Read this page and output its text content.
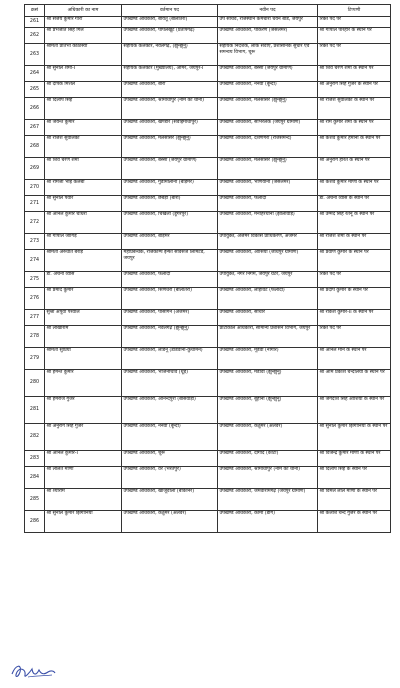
क्रसं	अधिकारी का नाम	वर्तमान पद	नवीन पद	टिप्पणी
261	श्री संजय कुमार गोरा	उपखण्ड अधिकारी, बायतू (बालोतरा)	उप सचिव, राजस्थान कर्मचारी चयन बोर्ड, जयपुर	रिक्त पद पर
262	श्री प्रभजोत सिंह गिल	उपखण्ड अधिकारी, पीपलखूंट (प्रतापगढ़)	उपखण्ड अधिकारी, पोकरण (जैसलमेर)	श्री गोपाल परिहार के स्थान पर
263	श्रीमती प्रतिभा कोठास्या	सहायक कलक्टर, नवलगढ़, (झुन्झुनू)	सहायक निदेशक, लोक सेवाएं, प्रशासनिक सुधार एवं समन्वय विभाग, चूरू	रिक्त पद पर
264	श्री सुनील शर्मा-I	सहायक कलक्टर (मुख्यालय), आमेर, जयपुर-I	उपखण्ड अधिकारी, बस्सी (जयपुर ग्रामीण)	श्री शिव चरण शर्मा के स्थान पर
265	श्री दीपक मित्तल	उपखण्ड अधिकारी, बारां	उपखण्ड अधिकारी, नैनवा (बून्दी)	श्री अनुराग सिंह गुर्जर के स्थान पर
266	श्री दिलीप सिंह	उपखण्ड अधिकारी, श्रीमाधोपुर (नीम का थाना)	उपखण्ड अधिकारी, मलसीसर (झुन्झुनू)	श्री राजेश सुवालका के स्थान पर
267	श्री जयन्त कुमार	उपखण्ड अधिकारी, खण्डार (सवाईमाधोपुर)	उपखण्ड अधिकारी, सांभरलेक (जयपुर ग्रामीण)	श्री राम कुमार शर्मा के स्थान पर
268	श्री राजेश सुवालका	उपखण्ड अधिकारी, मलसीसर (झुन्झुनू)	उपखण्ड अधिकारी, देशणगरा (राजसमन्द)	श्री केशव कुमार हेमानी के स्थान पर
269	श्री शिव चरण शर्मा	उपखण्ड अधिकारी, बस्सी (जयपुर ग्रामीण)	उपखण्ड अधिकारी, मलसीसर (झुन्झुनू)	श्री अनुराग हरित के स्थान पर
270	श्री रामजी भाई कलबी	उपखण्ड अधिकारी, गुडामालानी (बाड़मेर)	उपखण्ड अधिकारी, भणियाना (जैसलमेर)	श्री केशव कुमार मीणा के स्थान पर
271	श्री सुनील पंवार	उपखण्ड अधिकारी, छबड़ा (बारां)	उपखण्ड अधिकारी, फलौदी	डॉ. अर्चना व्यास के स्थान पर
272	श्री अनिल कुमार चौधरी	उपखण्ड अधिकारी, चिखली (डूंगरपुर)	उपखण्ड अधिकारी, मनोहरथाना (झालावाड़)	श्री उम्मेद सिंह रतनू के स्थान पर
273	श्री गोपाल जांगिड़	उपखण्ड अधिकारी, बाड़मेर	उपायुक्त, अजमेर विकास प्राधिकरण, अजमेर	श्री राजेश शर्मा के स्थान पर
274	श्रीमती अरुंधति बराड़	महाप्रबन्धक, राजकॉम्प इन्फो सर्विसेज लिमिटेड, जयपुर	उपखण्ड अधिकारी, ओसियां (जोधपुर ग्रामीण)	श्री प्रवीण कुमार के स्थान पर
275	डॉ. अर्चना व्यास	उपखण्ड अधिकारी, फलौदी	उपायुक्त, नगर निगम, जयपुर ग्रेटर, जयपुर	रिक्त पद पर
276	श्री प्रमोद कुमार	उपखण्ड अधिकारी, सिणधरी (बालोतरा)	उपखण्ड अधिकारी, लोहावट (फलौदी)	श्री प्रदीप कुमार के स्थान पर
277	सुश्री अपूर्वा परवाल	उपखण्ड अधिकारी, पीसांगन (अजमेर)	उपखण्ड अधिकारी, सांचौर	श्री राकेश कुमार-II के स्थान पर
278	श्री लाखाराम	उपखण्ड अधिकारी, नवलगढ़ (झुन्झुनू)	प्रोटोकॉल अधिकारी, सामान्य प्रशासन विभाग, जयपुर	रिक्त पद पर
279	श्रीमती सुप्रिया	उपखण्ड अधिकारी, लाडनूं (डीडवाना-कुचामन)	उपखण्ड अधिकारी, मूंडवा (नागौर)	श्री अनिल मान के स्थान पर
280	श्री हेमन्त कुमार	उपखण्ड अधिकारी, भोजनाथाव (धूड़)	उपखण्ड अधिकारी, मंडावा (झुन्झुनू)	श्री ओम प्रकाश चन्देलिया के स्थान पर
281	श्री हेमराज गुर्जर	उपखण्ड अधिकारी, आनन्दपुरी (बांसवाड़ा)	उपखण्ड अधिकारी, बूहाना (झुन्झुनू)	श्री जगदीश सिंह आशिया के स्थान पर
282	श्री अनुराग सिंह गुर्जर	उपखण्ड अधिकारी, नैनवा (बून्दी)	उपखण्ड अधिकारी, कठूमर (अलवर)	श्री सुनील कुमार झिंगोनिया के स्थान पर
283	श्री अनिल कुमार-I	उपखण्ड अधिकारी, चूरू	उपखण्ड अधिकारी, दीगोद (कोटा)	श्री विजेन्द्र कुमार मीणा के स्थान पर
284	श्री ललित मीणा	उपखण्ड अधिकारी, वैर (भरतपुर)	उपखण्ड अधिकारी, श्रीमाधोपुर (नीम का थाना)	श्री दिलीप सिंह के स्थान पर
285	श्री श्योराम	उपखण्ड अधिकारी, खाजूवाला (बीकानेर)	उपखण्ड अधिकारी, जमवारामगढ़ (जयपुर ग्रामीण)	श्री विमल लाल मीणा के स्थान पर
286	श्री सुनील कुमार झिंगोनिया	उपखण्ड अधिकारी, कठूमर (अलवर)	उपखण्ड अधिकारी, कामां (डीग)	श्री कैलाश चन्द गुर्जर के स्थान पर
